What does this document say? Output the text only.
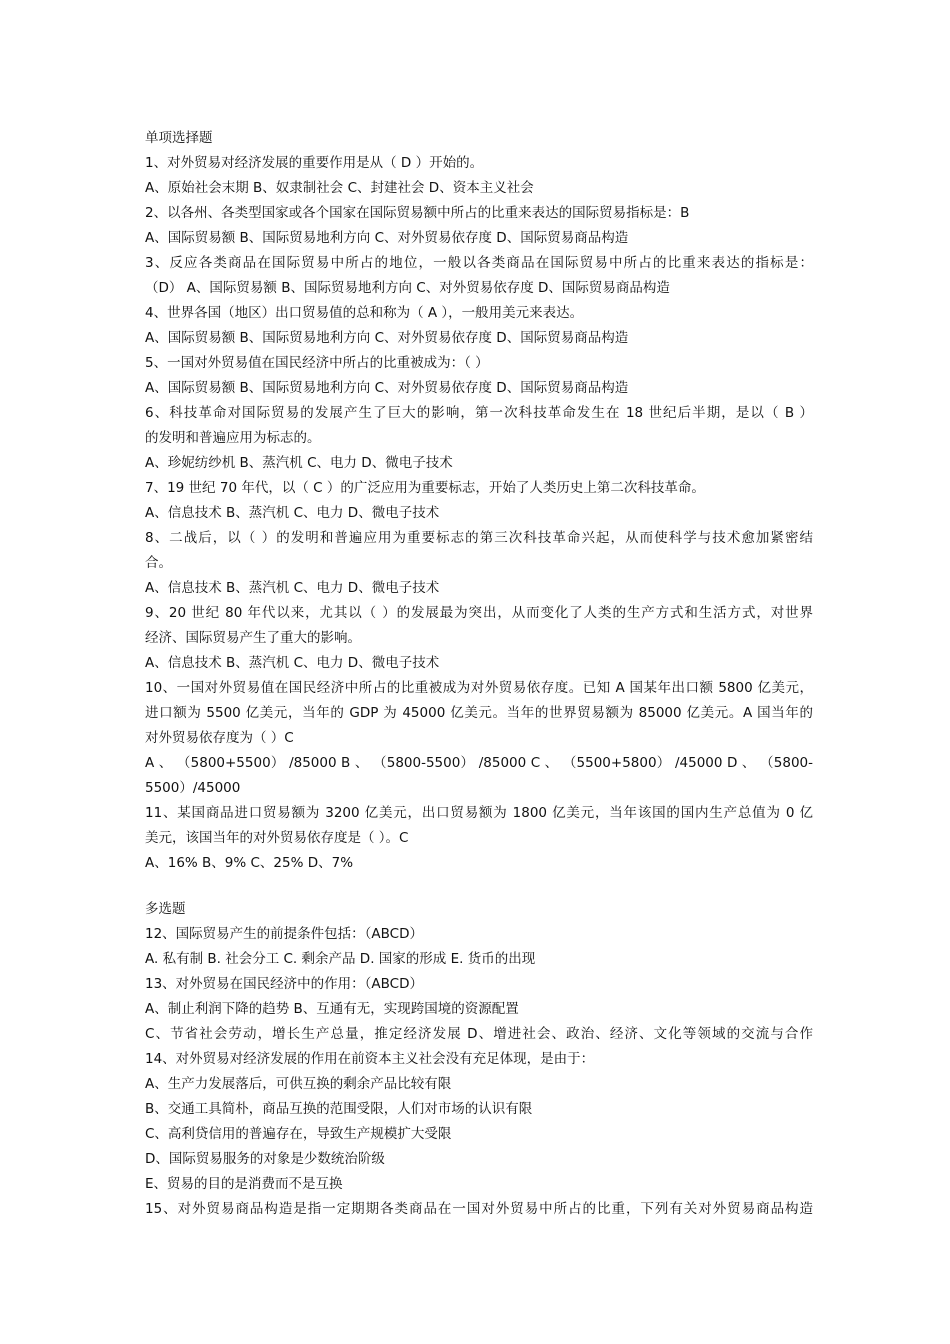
单项选择题
1、对外贸易对经济发展的重要作用是从（ D ）开始的。
A、原始社会末期 B、奴隶制社会 C、封建社会 D、资本主义社会
2、以各州、各类型国家或各个国家在国际贸易额中所占的比重来表达的国际贸易指标是：B
A、国际贸易额 B、国际贸易地利方向 C、对外贸易依存度 D、国际贸易商品构造
3、反应各类商品在国际贸易中所占的地位，一般以各类商品在国际贸易中所占的比重来表达的指标是：
（D） A、国际贸易额 B、国际贸易地利方向 C、对外贸易依存度 D、国际贸易商品构造
4、世界各国（地区）出口贸易值的总和称为（ A ），一般用美元来表达。
A、国际贸易额 B、国际贸易地利方向 C、对外贸易依存度 D、国际贸易商品构造
5、一国对外贸易值在国民经济中所占的比重被成为：（ ）
A、国际贸易额 B、国际贸易地利方向 C、对外贸易依存度 D、国际贸易商品构造
6、科技革命对国际贸易的发展产生了巨大的影响，第一次科技革命发生在 18 世纪后半期，是以（ B ）
的发明和普遍应用为标志的。
A、珍妮纺纱机 B、蒸汽机 C、电力 D、微电子技术
7、19 世纪 70 年代，以（ C ）的广泛应用为重要标志，开始了人类历史上第二次科技革命。
A、信息技术 B、蒸汽机 C、电力 D、微电子技术
8、二战后，以（ ）的发明和普遍应用为重要标志的第三次科技革命兴起，从而使科学与技术愈加紧密结
合。
A、信息技术 B、蒸汽机 C、电力 D、微电子技术
9、20 世纪 80 年代以来，尤其以（ ）的发展最为突出，从而变化了人类的生产方式和生活方式，对世界
经济、国际贸易产生了重大的影响。
A、信息技术 B、蒸汽机 C、电力 D、微电子技术
10、一国对外贸易值在国民经济中所占的比重被成为对外贸易依存度。已知 A 国某年出口额 5800 亿美元，
进口额为 5500 亿美元，当年的 GDP 为 45000 亿美元。当年的世界贸易额为 85000 亿美元。A 国当年的
对外贸易依存度为（ ）C
A 、 （5800+5500） /85000 B 、 （5800-5500） /85000 C 、 （5500+5800） /45000 D 、 （5800-
5500）/45000
11、某国商品进口贸易额为 3200 亿美元，出口贸易额为 1800 亿美元，当年该国的国内生产总值为 0 亿
美元，该国当年的对外贸易依存度是（ ）。C
A、16% B、9% C、25% D、7%
多选题
12、国际贸易产生的前提条件包括：（ABCD）
A. 私有制 B. 社会分工 C. 剩余产品 D. 国家的形成 E. 货币的出现
13、对外贸易在国民经济中的作用：（ABCD）
A、制止利润下降的趋势 B、互通有无，实现跨国境的资源配置
C、节省社会劳动，增长生产总量，推定经济发展 D、增进社会、政治、经济、文化等领域的交流与合作
14、对外贸易对经济发展的作用在前资本主义社会没有充足体现，是由于：
A、生产力发展落后，可供互换的剩余产品比较有限
B、交通工具简朴，商品互换的范围受限，人们对市场的认识有限
C、高利贷信用的普遍存在，导致生产规模扩大受限
D、国际贸易服务的对象是少数统治阶级
E、贸易的目的是消费而不是互换
15、对外贸易商品构造是指一定期期各类商品在一国对外贸易中所占的比重，下列有关对外贸易商品构造
